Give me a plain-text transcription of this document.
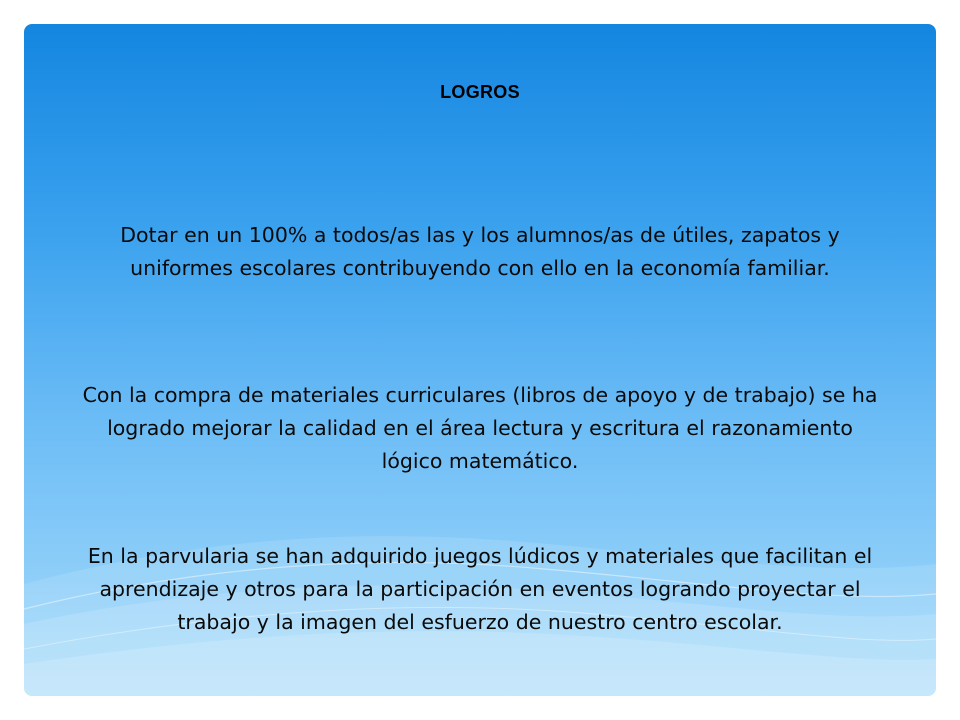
LOGROS
Dotar en un 100% a todos/as las y los alumnos/as de útiles, zapatos y uniformes escolares contribuyendo con ello en la economía familiar.
Con la compra de materiales curriculares (libros de apoyo y de trabajo) se ha logrado mejorar la calidad en el área lectura y escritura el razonamiento lógico matemático.
En la parvularia se han adquirido juegos lúdicos y materiales que facilitan el aprendizaje y otros para la participación en eventos logrando proyectar el trabajo y la imagen del esfuerzo de nuestro centro escolar.
